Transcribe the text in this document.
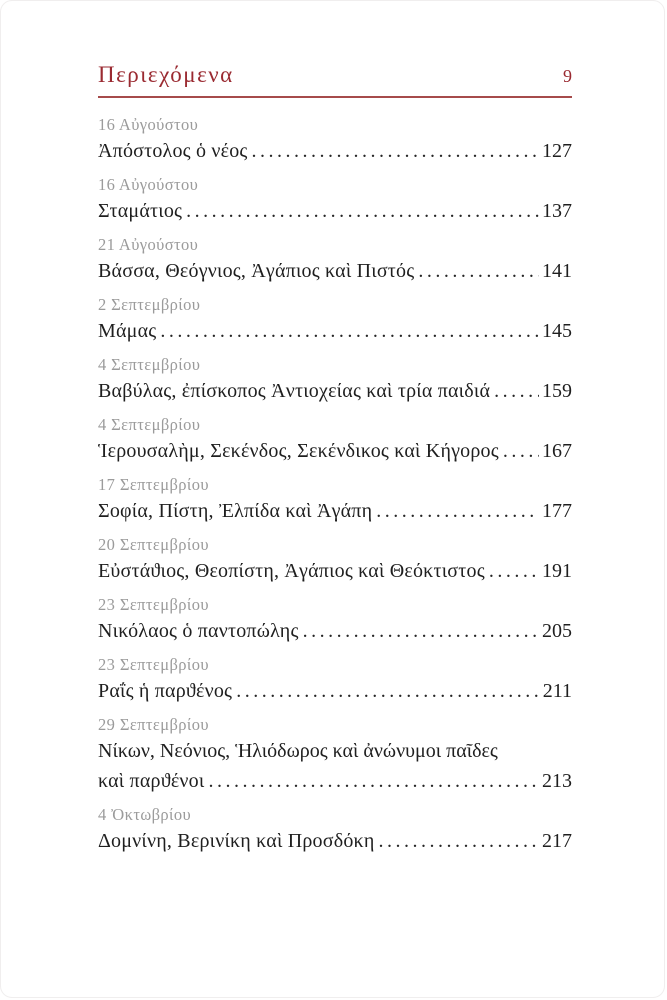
Περιεχόμενα	9
16 Αὐγούστου
Ἀπόστολος ὁ νέος .....	127
16 Αὐγούστου
Σταμάτιος .....	137
21 Αὐγούστου
Βάσσα, Θεόγνιος, Ἀγάπιος καὶ Πιστός .....	141
2 Σεπτεμβρίου
Μάμας .....	145
4 Σεπτεμβρίου
Βαβύλας, ἐπίσκοπος Ἀντιοχείας καὶ τρία παιδιά .....	159
4 Σεπτεμβρίου
Ἱερουσαλὴμ, Σεκένδος, Σεκένδικος καὶ Κήγορος ..... 167
17 Σεπτεμβρίου
Σοφία, Πίστη, Ἐλπίδα καὶ Ἀγάπη .....	177
20 Σεπτεμβρίου
Εὐστάϑιος, Θεοπίστη, Ἀγάπιος καὶ Θεόκτιστος .....	191
23 Σεπτεμβρίου
Νικόλαος ὁ παντοπώλης .....	205
23 Σεπτεμβρίου
Ραΐς ἡ παρϑένος .....	211
29 Σεπτεμβρίου
Νίκων, Νεόνιος, Ἡλιόδωρος καὶ ἀνώνυμοι παῖδες
καὶ παρϑένοι .....	213
4 Ὀκτωβρίου
Δομνίνη, Βερινίκη καὶ Προσδόκη .....	217
